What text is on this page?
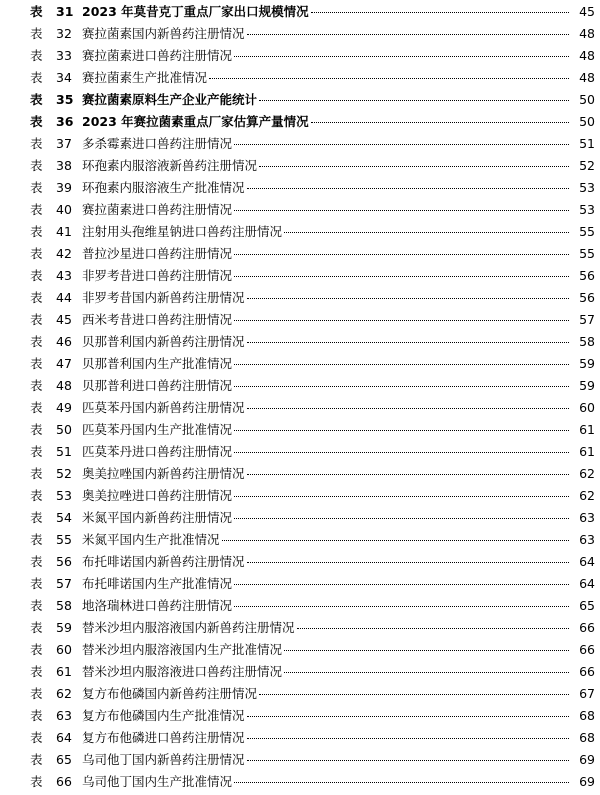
表	31 2023 年莫昔克丁重点厂家出口规模情况	45
表	32 赛拉菌素国内新兽药注册情况	48
表	33 赛拉菌素进口兽药注册情况	48
表	34 赛拉菌素生产批准情况	48
表	35 赛拉菌素原料生产企业产能统计	50
表	36 2023 年赛拉菌素重点厂家估算产量情况	50
表	37 多杀霉素进口兽药注册情况	51
表	38 环孢素内服溶液新兽药注册情况	52
表	39 环孢素内服溶液生产批准情况	53
表	40 赛拉菌素进口兽药注册情况	53
表	41 注射用头孢维星钠进口兽药注册情况	55
表	42 普拉沙星进口兽药注册情况	55
表	43 非罗考昔进口兽药注册情况	56
表	44 非罗考昔国内新兽药注册情况	56
表	45 西米考昔进口兽药注册情况	57
表	46 贝那普利国内新兽药注册情况	58
表	47 贝那普利国内生产批准情况	59
表	48 贝那普利进口兽药注册情况	59
表	49 匹莫苯丹国内新兽药注册情况	60
表	50 匹莫苯丹国内生产批准情况	61
表	51 匹莫苯丹进口兽药注册情况	61
表	52 奥美拉唑国内新兽药注册情况	62
表	53 奥美拉唑进口兽药注册情况	62
表	54 米氮平国内新兽药注册情况	63
表	55 米氮平国内生产批准情况	63
表	56 布托啡诺国内新兽药注册情况	64
表	57 布托啡诺国内生产批准情况	64
表	58 地洛瑞林进口兽药注册情况	65
表	59 替米沙坦内服溶液国内新兽药注册情况	66
表	60 替米沙坦内服溶液国内生产批准情况	66
表	61 替米沙坦内服溶液进口兽药注册情况	66
表	62 复方布他磷国内新兽药注册情况	67
表	63 复方布他磷国内生产批准情况	68
表	64 复方布他磷进口兽药注册情况	68
表	65 乌司他丁国内新兽药注册情况	69
表	66 乌司他丁国内生产批准情况	69
